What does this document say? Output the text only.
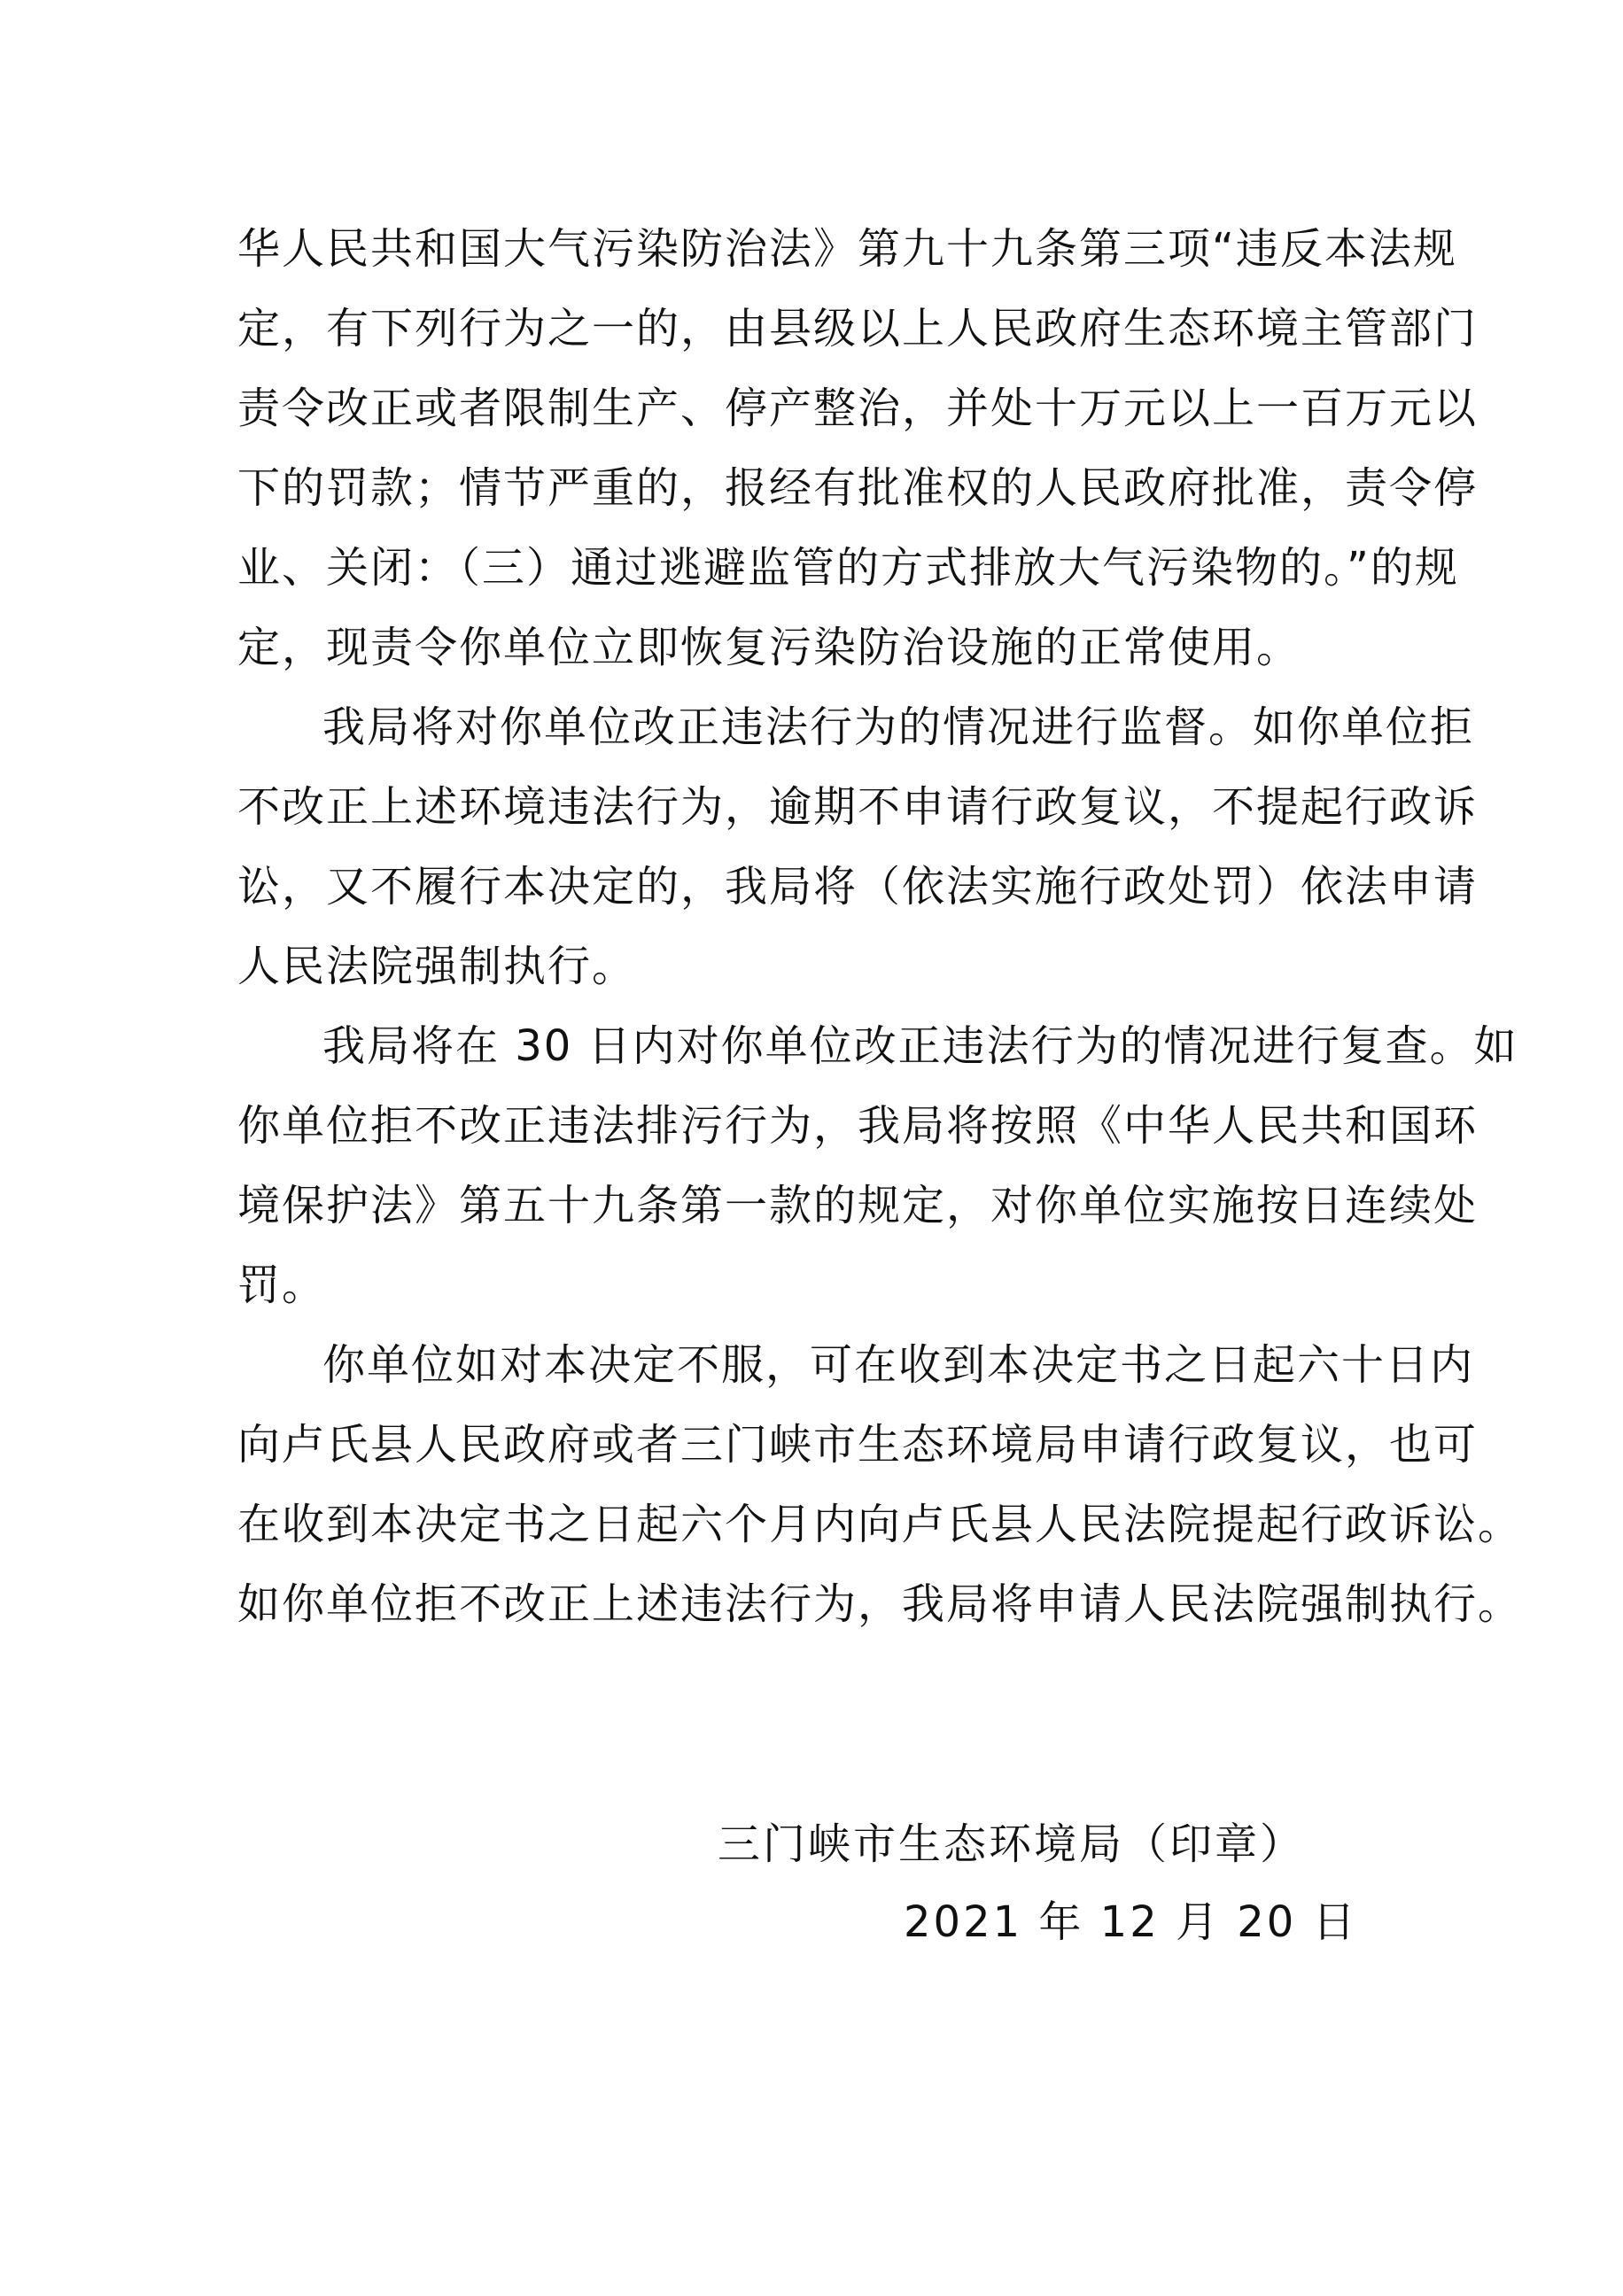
华人民共和国大气污染防治法》第九十九条第三项“违反本法规
定，有下列行为之一的，由县级以上人民政府生态环境主管部门
责令改正或者限制生产、停产整治，并处十万元以上一百万元以
下的罚款；情节严重的，报经有批准权的人民政府批准，责令停
业、关闭：（三）通过逃避监管的方式排放大气污染物的。”的规
定，现责令你单位立即恢复污染防治设施的正常使用。
我局将对你单位改正违法行为的情况进行监督。如你单位拒
不改正上述环境违法行为，逾期不申请行政复议，不提起行政诉
讼，又不履行本决定的，我局将（依法实施行政处罚）依法申请
人民法院强制执行。
我局将在 30 日内对你单位改正违法行为的情况进行复查。如
你单位拒不改正违法排污行为，我局将按照《中华人民共和国环
境保护法》第五十九条第一款的规定，对你单位实施按日连续处
罚。
你单位如对本决定不服，可在收到本决定书之日起六十日内
向卢氏县人民政府或者三门峡市生态环境局申请行政复议，也可
在收到本决定书之日起六个月内向卢氏县人民法院提起行政诉讼。
如你单位拒不改正上述违法行为，我局将申请人民法院强制执行。
三门峡市生态环境局（印章）
2021 年 12 月 20 日
